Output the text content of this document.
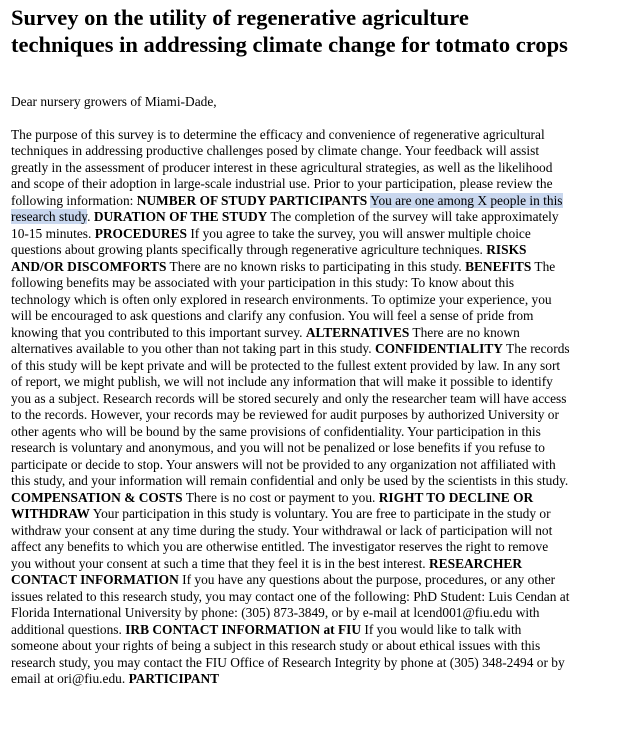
Survey on the utility of regenerative agriculture techniques in addressing climate change for totmato crops
Dear nursery growers of Miami-Dade,
The purpose of this survey is to determine the efficacy and convenience of regenerative agricultural techniques in addressing productive challenges posed by climate change. Your feedback will assist greatly in the assessment of producer interest in these agricultural strategies, as well as the likelihood and scope of their adoption in large-scale industrial use. Prior to your participation, please review the following information: NUMBER OF STUDY PARTICIPANTS You are one among X people in this research study. DURATION OF THE STUDY The completion of the survey will take approximately 10-15 minutes. PROCEDURES If you agree to take the survey, you will answer multiple choice questions about growing plants specifically through regenerative agriculture techniques. RISKS AND/OR DISCOMFORTS There are no known risks to participating in this study. BENEFITS The following benefits may be associated with your participation in this study: To know about this technology which is often only explored in research environments. To optimize your experience, you will be encouraged to ask questions and clarify any confusion. You will feel a sense of pride from knowing that you contributed to this important survey. ALTERNATIVES There are no known alternatives available to you other than not taking part in this study. CONFIDENTIALITY The records of this study will be kept private and will be protected to the fullest extent provided by law. In any sort of report, we might publish, we will not include any information that will make it possible to identify you as a subject. Research records will be stored securely and only the researcher team will have access to the records. However, your records may be reviewed for audit purposes by authorized University or other agents who will be bound by the same provisions of confidentiality. Your participation in this research is voluntary and anonymous, and you will not be penalized or lose benefits if you refuse to participate or decide to stop. Your answers will not be provided to any organization not affiliated with this study, and your information will remain confidential and only be used by the scientists in this study. COMPENSATION & COSTS There is no cost or payment to you. RIGHT TO DECLINE OR WITHDRAW Your participation in this study is voluntary. You are free to participate in the study or withdraw your consent at any time during the study. Your withdrawal or lack of participation will not affect any benefits to which you are otherwise entitled. The investigator reserves the right to remove you without your consent at such a time that they feel it is in the best interest. RESEARCHER CONTACT INFORMATION If you have any questions about the purpose, procedures, or any other issues related to this research study, you may contact one of the following: PhD Student: Luis Cendan at Florida International University by phone: (305) 873-3849, or by e-mail at lcend001@fiu.edu with additional questions. IRB CONTACT INFORMATION at FIU If you would like to talk with someone about your rights of being a subject in this research study or about ethical issues with this research study, you may contact the FIU Office of Research Integrity by phone at (305) 348-2494 or by email at ori@fiu.edu. PARTICIPANT
